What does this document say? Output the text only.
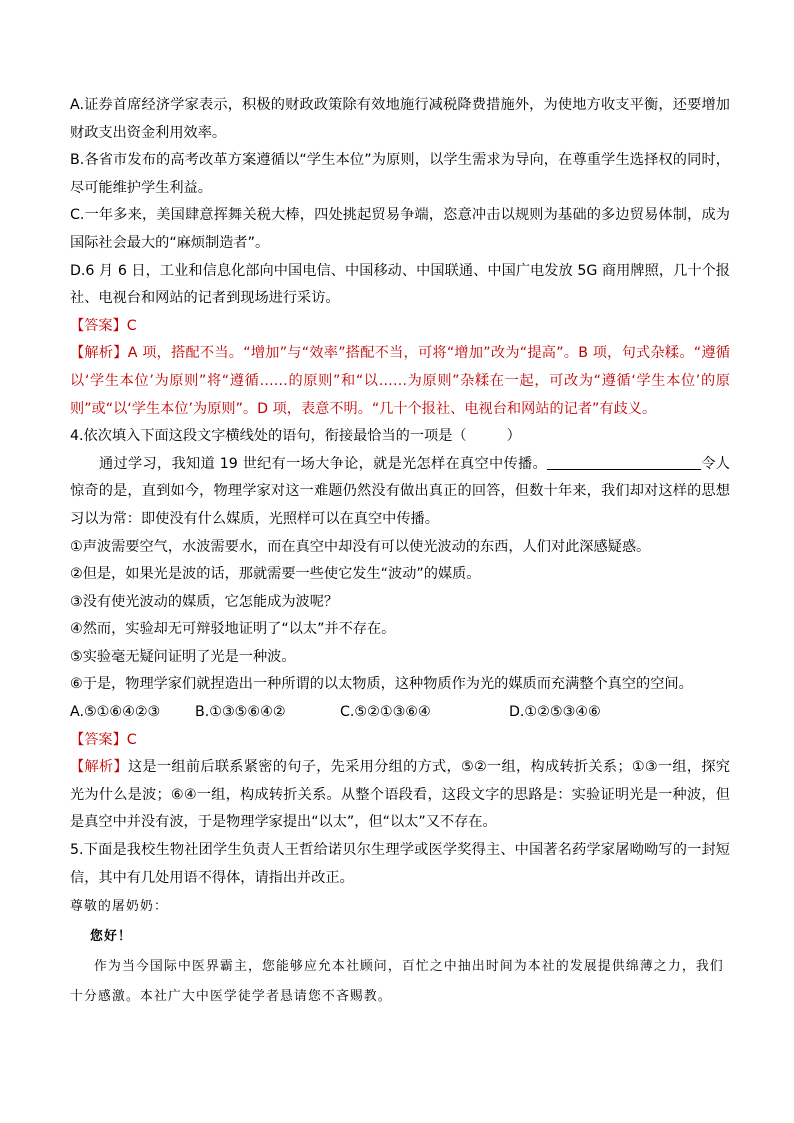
A.证券首席经济学家表示，积极的财政政策除有效地施行减税降费措施外，为使地方收支平衡，还要增加财政支出资金利用效率。

B.各省市发布的高考改革方案遵循以“学生本位”为原则，以学生需求为导向，在尊重学生选择权的同时，尽可能维护学生利益。

C.一年多来，美国肆意挥舞关税大棒，四处挑起贸易争端，恣意冲击以规则为基础的多边贸易体制，成为国际社会最大的“麻烦制造者”。

D.6 月 6 日，工业和信息化部向中国电信、中国移动、中国联通、中国广电发放 5G 商用牌照，几十个报社、电视台和网站的记者到现场进行采访。

【答案】C

【解析】A 项，搭配不当。“增加”与“效率”搭配不当，可将“增加”改为“提高”。B 项，句式杂糅。“遵循以‘学生本位’为原则”将“遵循……的原则”和“以……为原则”杂糅在一起，可改为“遵循‘学生本位’的原则”或“以‘学生本位’为原则”。D 项，表意不明。“几十个报社、电视台和网站的记者”有歧义。

4.依次填入下面这段文字横线处的语句，衔接最恰当的一项是（	）

通过学习，我知道 19 世纪有一场大争论，就是光怎样在真空中传播。	令人惊奇的是，直到如今，物理学家对这一难题仍然没有做出真正的回答，但数十年来，我们却对这样的思想习以为常：即使没有什么媒质，光照样可以在真空中传播。

①声波需要空气，水波需要水，而在真空中却没有可以使光波动的东西，人们对此深感疑惑。

②但是，如果光是波的话，那就需要一些使它发生“波动”的媒质。

③没有使光波动的媒质，它怎能成为波呢？

④然而，实验却无可辩驳地证明了“以太”并不存在。

⑤实验毫无疑问证明了光是一种波。

⑥于是，物理学家们就捏造出一种所谓的以太物质，这种物质作为光的媒质而充满整个真空的空间。

A.⑤①⑥④②③	B.①③⑤⑥④②	C.⑤②①③⑥④	D.①②⑤③④⑥

【答案】C

【解析】这是一组前后联系紧密的句子，先采用分组的方式，⑤②一组，构成转折关系；①③一组，探究光为什么是波；⑥④一组，构成转折关系。从整个语段看，这段文字的思路是：实验证明光是一种波，但是真空中并没有波，于是物理学家提出“以太”，但“以太”又不存在。

5.下面是我校生物社团学生负责人王哲给诺贝尔生理学或医学奖得主、中国著名药学家屠呦呦写的一封短信，其中有几处用语不得体，请指出并改正。

尊敬的屠奶奶：
您好！
作为当今国际中医界霸主，您能够应允本社顾问，百忙之中抽出时间为本社的发展提供绵薄之力，我们十分感激。本社广大中医学徒学者恳请您不吝赐教。
